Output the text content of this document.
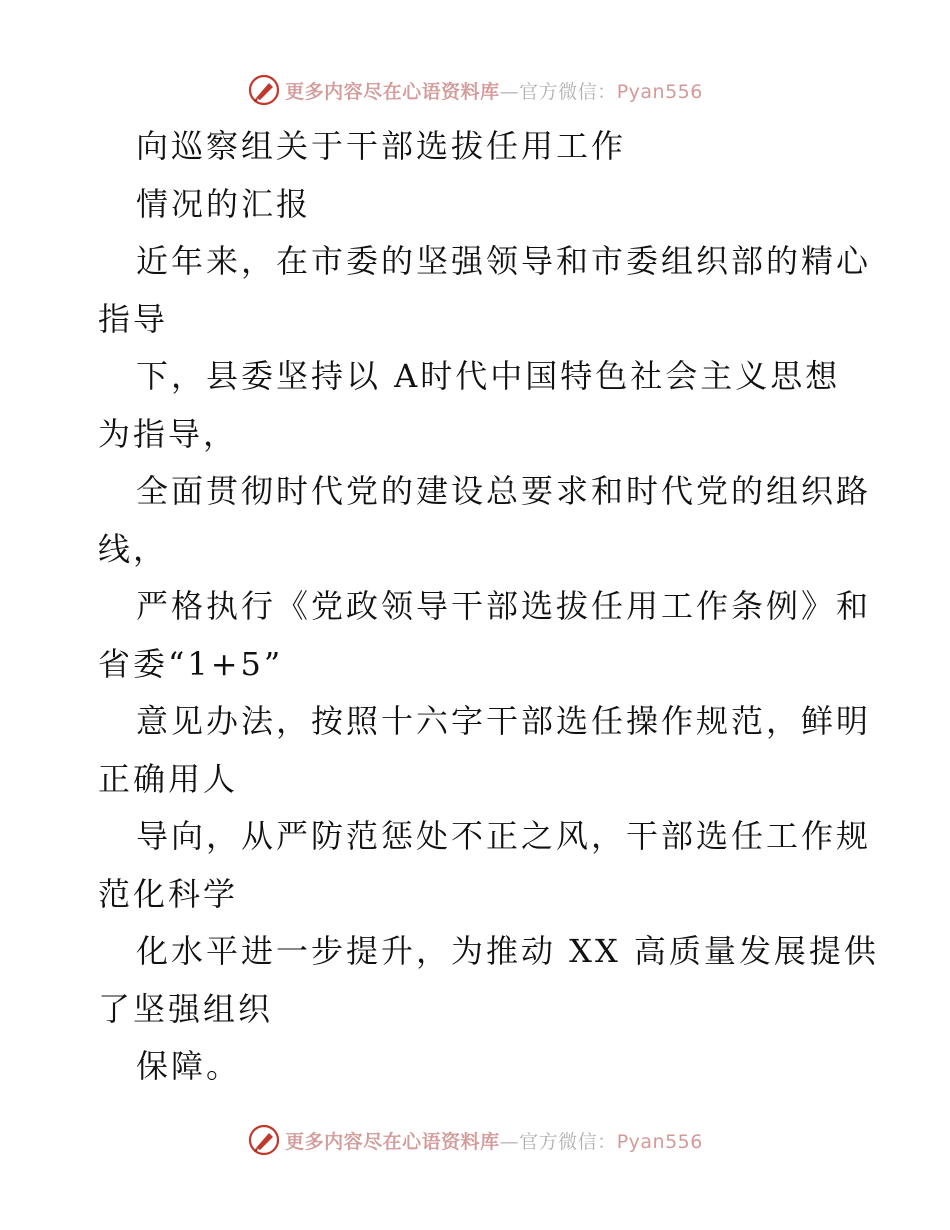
更多内容尽在心语资料库—官方微信：Pyan556
向巡察组关于干部选拔任用工作
情况的汇报
近年来，在市委的坚强领导和市委组织部的精心
指导
下，县委坚持以 A时代中国特色社会主义思想
为指导，
全面贯彻时代党的建设总要求和时代党的组织路
线，
严格执行《党政领导干部选拔任用工作条例》和
省委“1+5”
意见办法，按照十六字干部选任操作规范，鲜明
正确用人
导向，从严防范惩处不正之风，干部选任工作规
范化科学
化水平进一步提升，为推动 XX 高质量发展提供
了坚强组织
保障。
更多内容尽在心语资料库—官方微信：Pyan556
